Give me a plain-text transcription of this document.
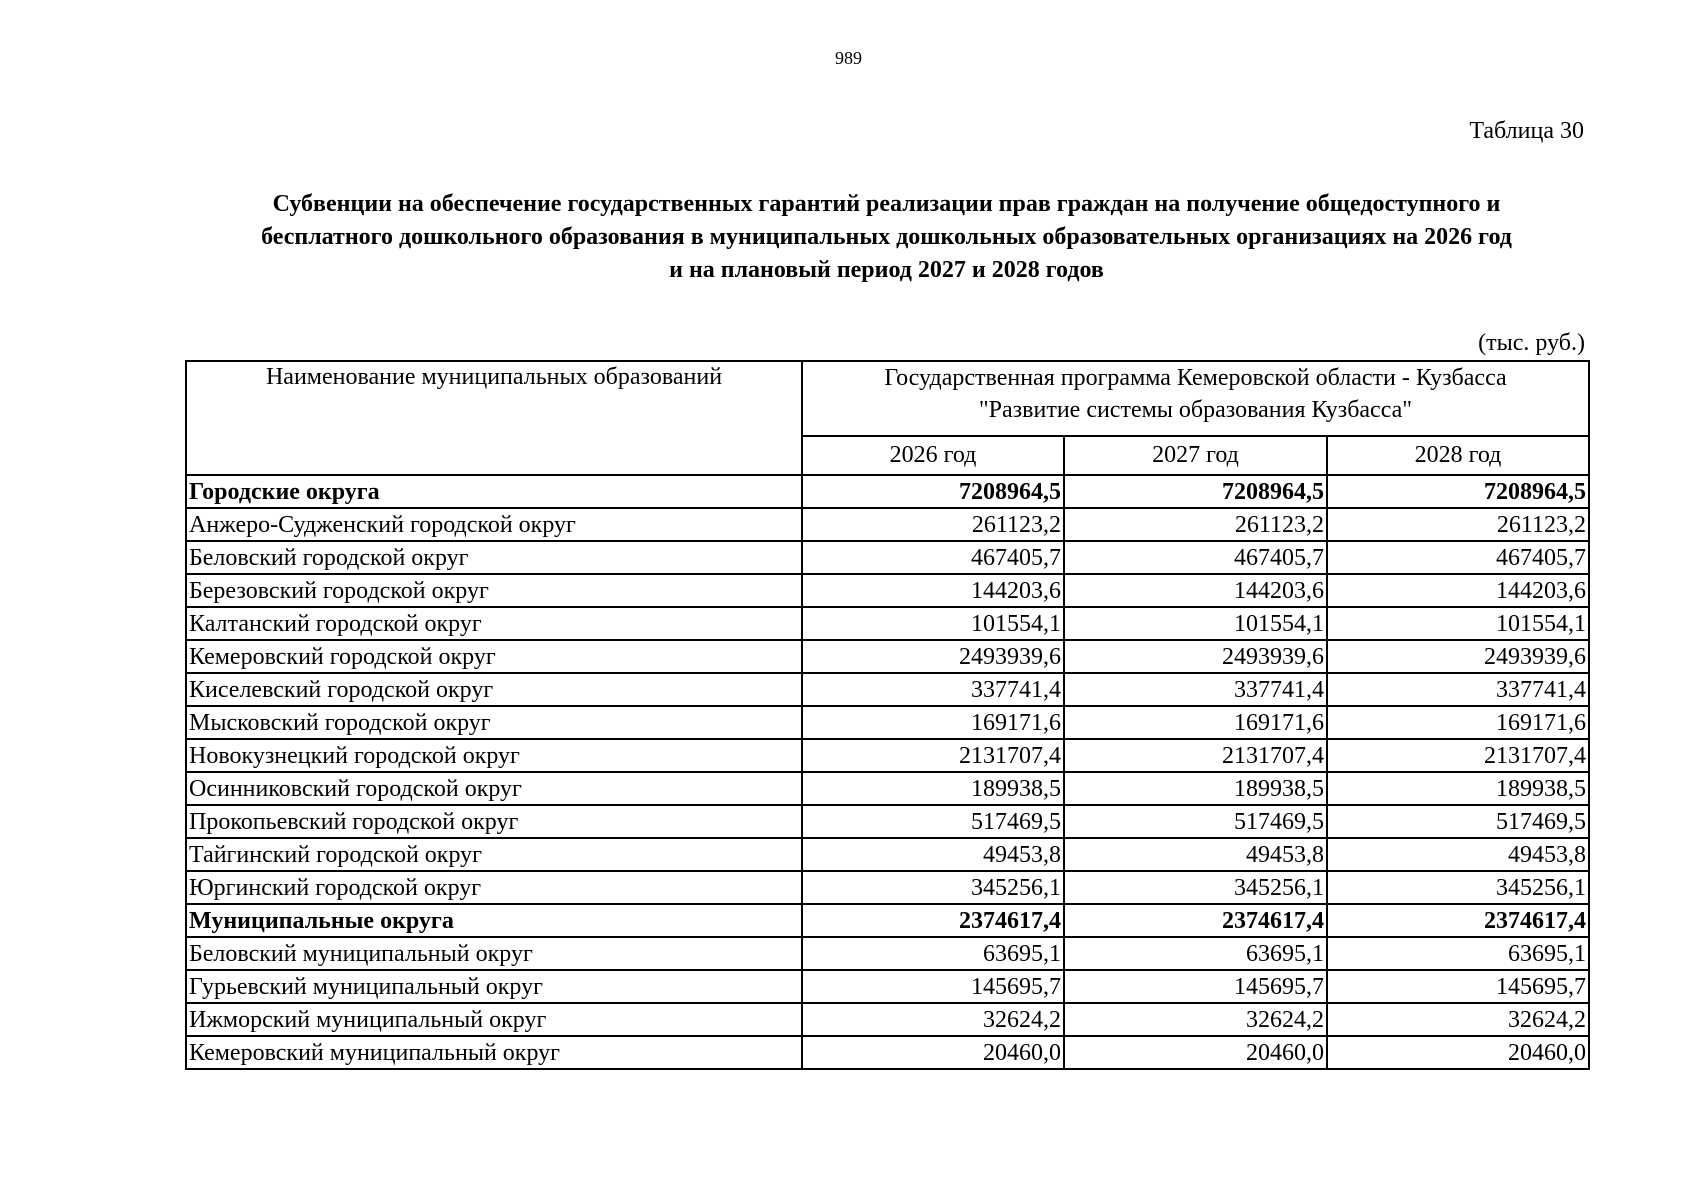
989
Таблица 30
Субвенции на обеспечение государственных гарантий реализации прав граждан на получение общедоступного и
бесплатного дошкольного образования в муниципальных дошкольных образовательных организациях на 2026 год
и на плановый период 2027 и 2028 годов
(тыс. руб.)
Наименование муниципальных образований	Государственная программа Кемеровской области - Кузбасса
"Развитие системы образования Кузбасса"		

	2026 год	2027 год	2028 год
Городские округа	7208964,5	7208964,5	7208964,5
Анжеро-Судженский городской округ	261123,2	261123,2	261123,2
Беловский городской округ	467405,7	467405,7	467405,7
Березовский городской округ	144203,6	144203,6	144203,6
Калтанский городской округ	101554,1	101554,1	101554,1
Кемеровский городской округ	2493939,6	2493939,6	2493939,6
Киселевский городской округ	337741,4	337741,4	337741,4
Мысковский городской округ	169171,6	169171,6	169171,6
Новокузнецкий городской округ	2131707,4	2131707,4	2131707,4
Осинниковский городской округ	189938,5	189938,5	189938,5
Прокопьевский городской округ	517469,5	517469,5	517469,5
Тайгинский городской округ	49453,8	49453,8	49453,8
Юргинский городской округ	345256,1	345256,1	345256,1
Муниципальные округа	2374617,4	2374617,4	2374617,4
Беловский муниципальный округ	63695,1	63695,1	63695,1
Гурьевский муниципальный округ	145695,7	145695,7	145695,7
Ижморский муниципальный округ	32624,2	32624,2	32624,2
Кемеровский муниципальный округ	20460,0	20460,0	20460,0
